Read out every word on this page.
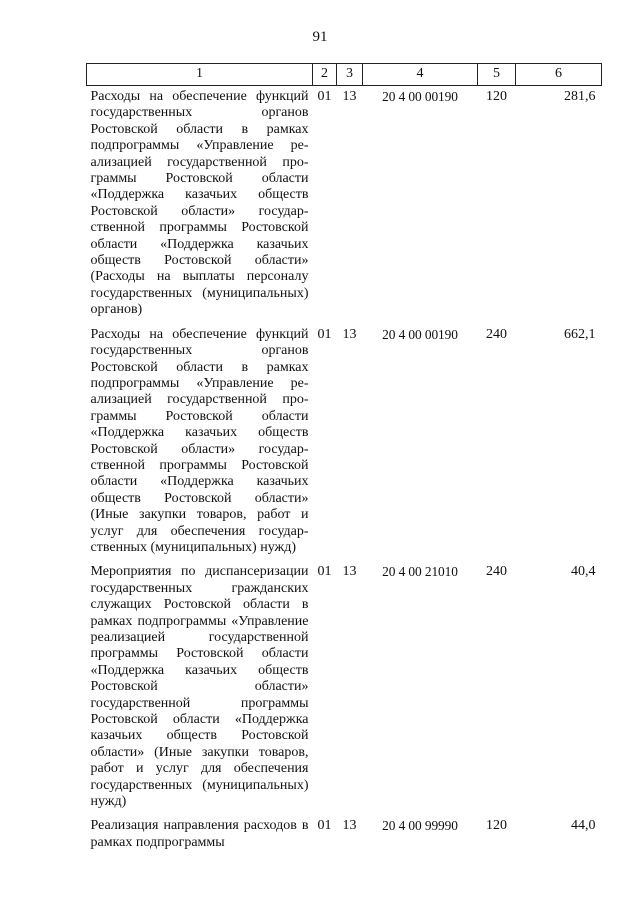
91
1	2	3	4	5	6
Расходы на обеспечение функций государственных органов Ростовской области в рамках подпрограммы «Управление реализацией государственной программы Ростовской области «Поддержка казачьих обществ Ростовской области» государственной программы Ростовской области «Поддержка казачьих обществ Ростовской области» (Расходы на выплаты персоналу государственных (муниципальных) органов)	01	13	20 4 00 00190	120	281,6
Расходы на обеспечение функций государственных органов Ростовской области в рамках подпрограммы «Управление реализацией государственной программы Ростовской области «Поддержка казачьих обществ Ростовской области» государственной программы Ростовской области «Поддержка казачьих обществ Ростовской области» (Иные закупки товаров, работ и услуг для обеспечения государственных (муниципальных) нужд)	01	13	20 4 00 00190	240	662,1
Мероприятия по диспансеризации государственных гражданских служащих Ростовской области в рамках подпрограммы «Управление реализацией государственной программы Ростовской области «Поддержка казачьих обществ Ростовской области» государственной программы Ростовской области «Поддержка казачьих обществ Ростовской области» (Иные закупки товаров, работ и услуг для обеспечения государственных (муниципальных) нужд)	01	13	20 4 00 21010	240	40,4
Реализация направления расходов в рамках подпрограммы	01	13	20 4 00 99990	120	44,0
